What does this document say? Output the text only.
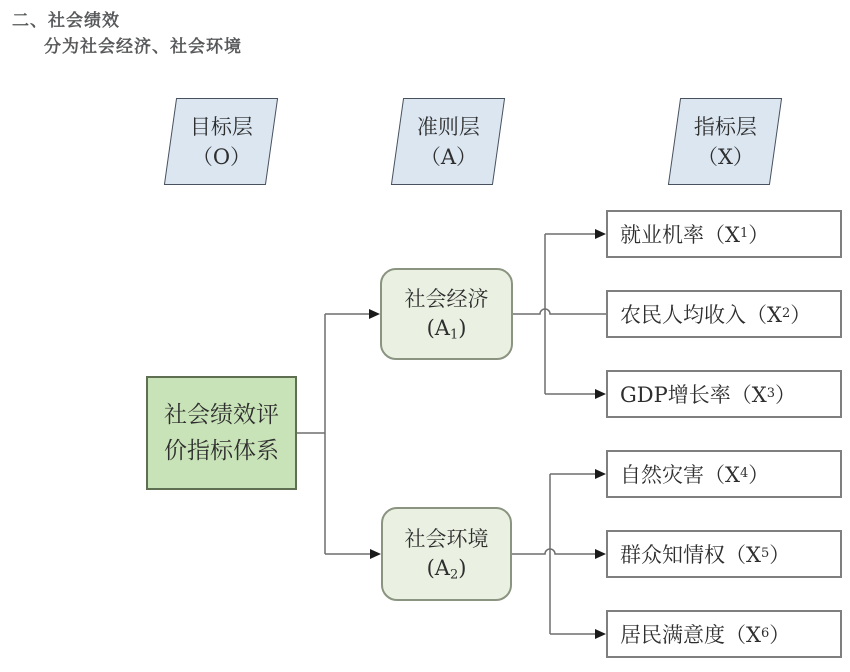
二、社会绩效
分为社会经济、社会环境
目标层
（O）
准则层
（A）
指标层
（X）
社会绩效评
价指标体系
社会经济
$(A_1)$
社会环境
$(A_2)$
就业机率（X 1 ）
农民人均收入（X 2 ）
GDP增长率（X 3 ）
自然灾害（X 4 ）
群众知情权（X 5 ）
居民满意度（X 6 ）
